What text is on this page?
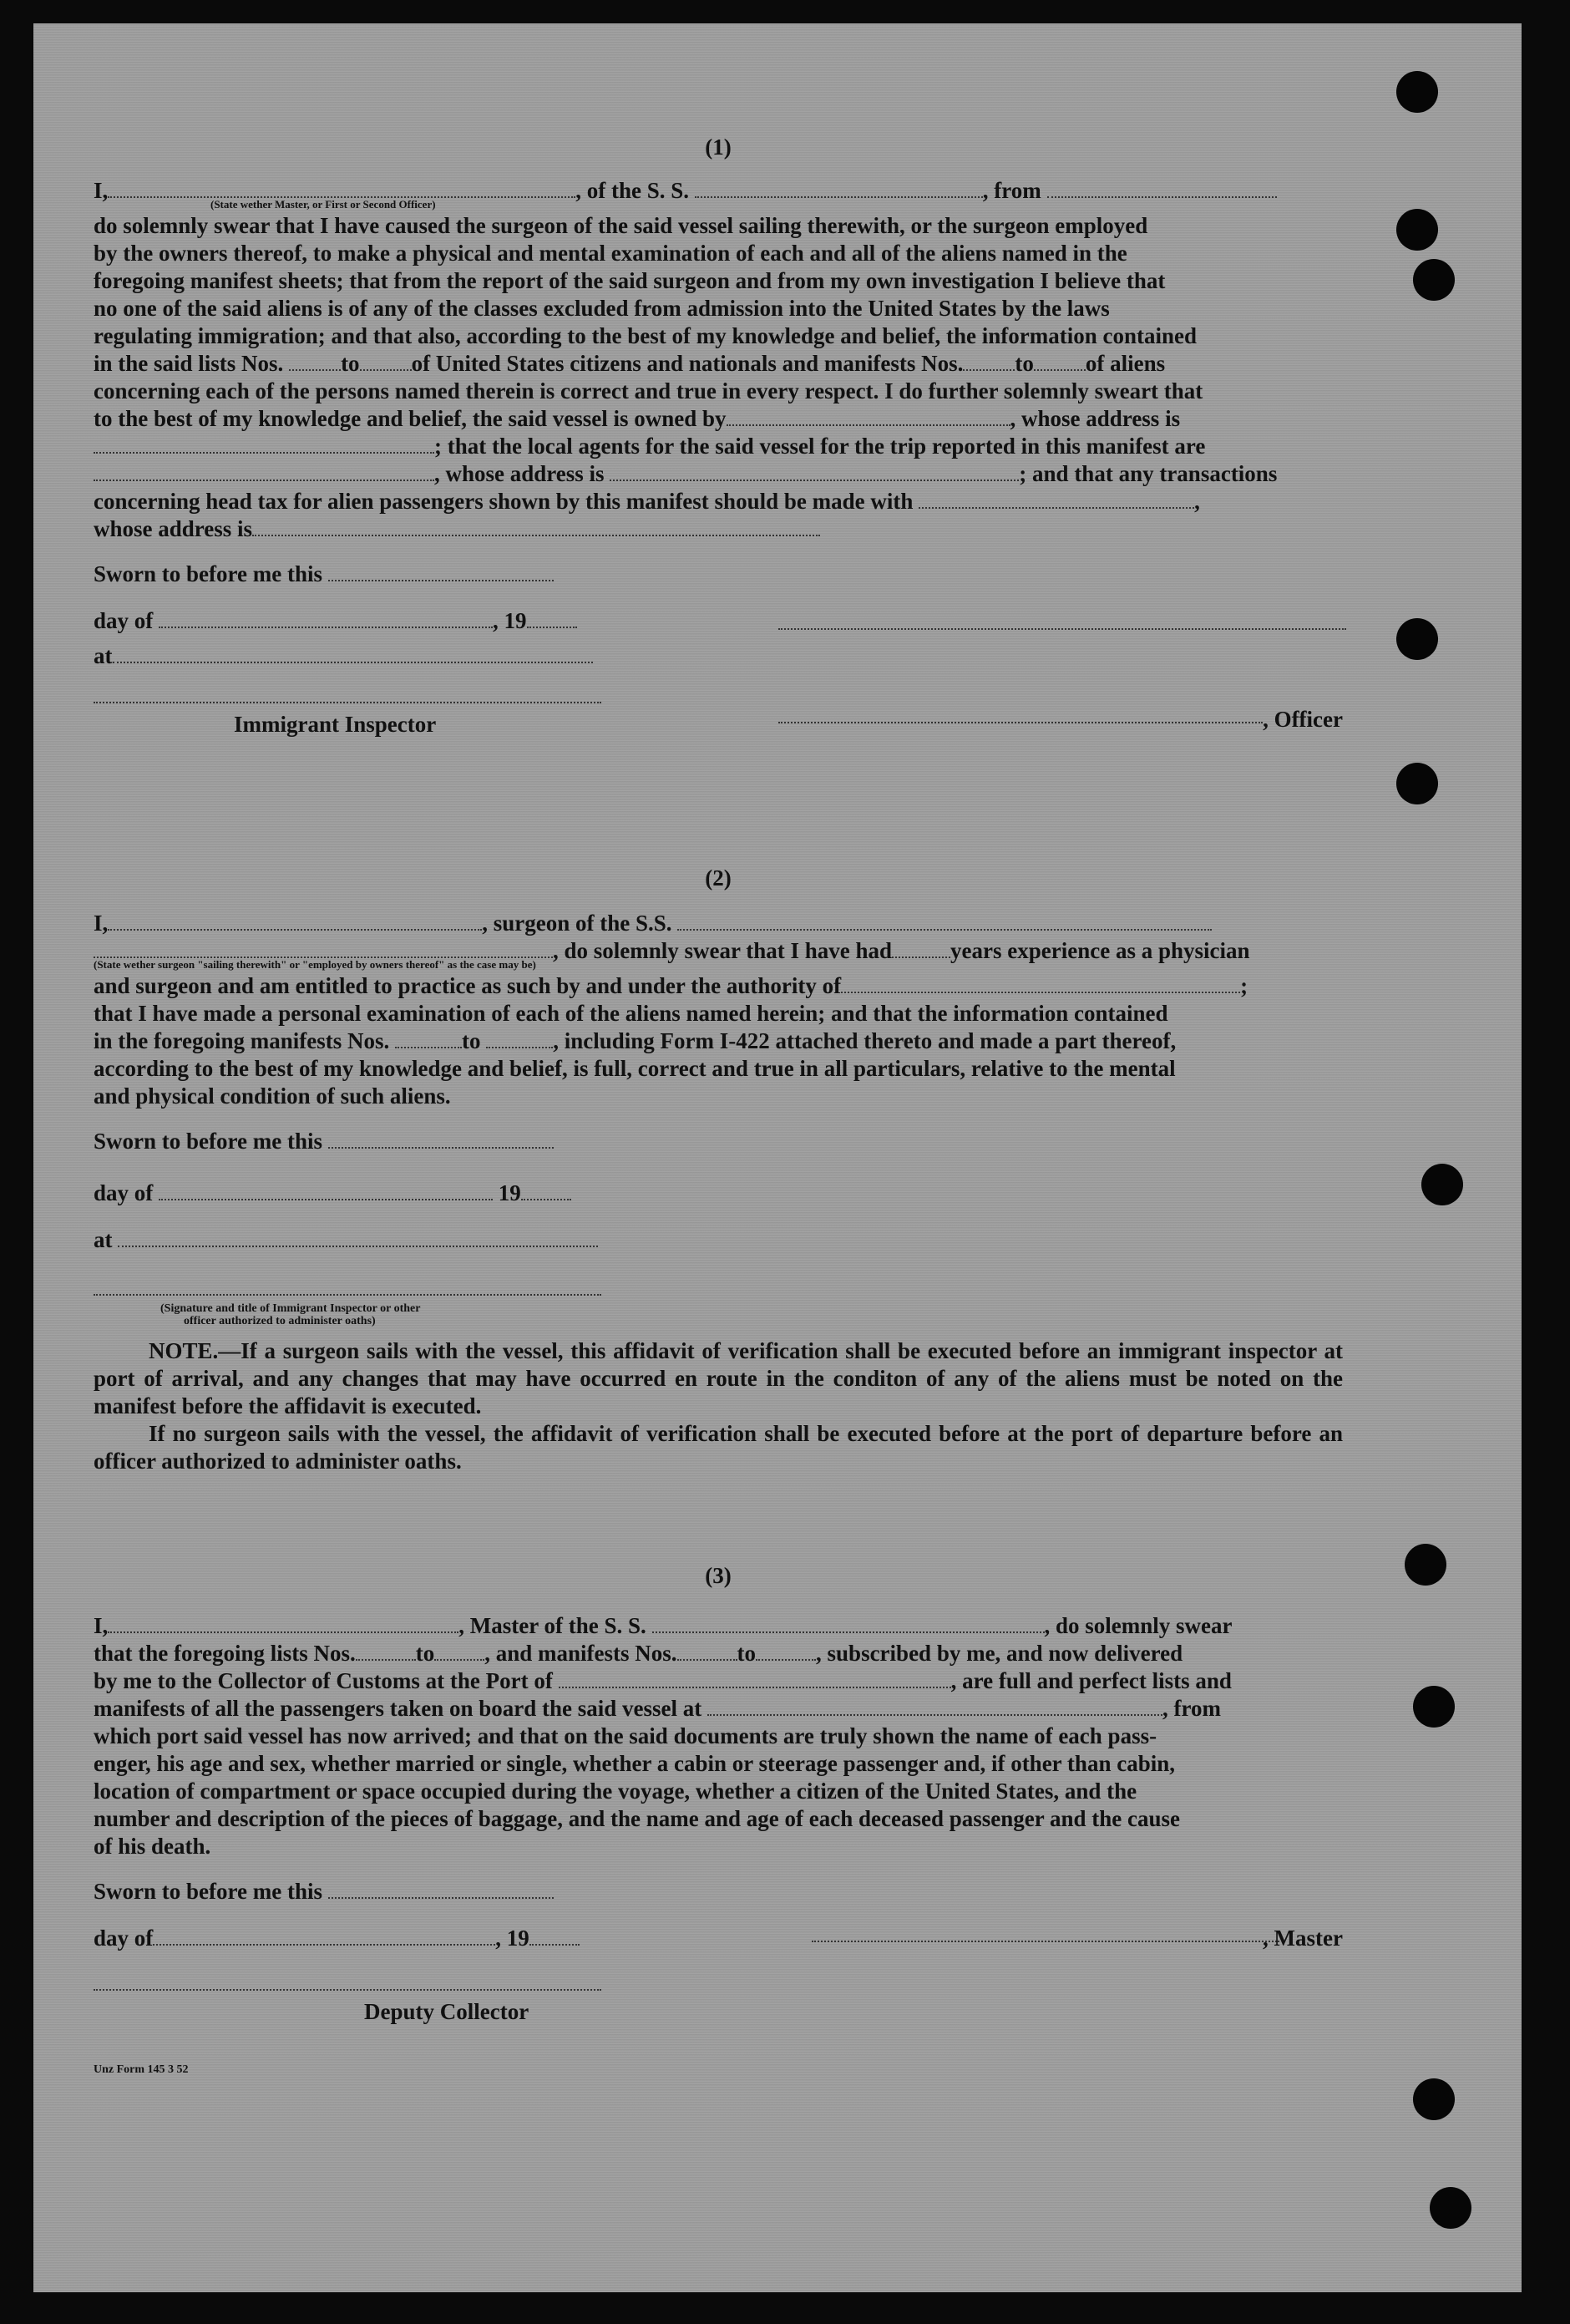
(1)
I,	, of the S. S.	, from
(State wether Master, or First or Second Officer)
do solemnly swear that I have caused the surgeon of the said vessel sailing therewith, or the surgeon employed
by the owners thereof, to make a physical and mental examination of each and all of the aliens named in the
foregoing manifest sheets; that from the report of the said surgeon and from my own investigation I believe that
no one of the said aliens is of any of the classes excluded from admission into the United States by the laws
regulating immigration; and that also, according to the best of my knowledge and belief, the information contained
in the said lists Nos.	to of United States citizens and nationals and manifests Nos. to of aliens
concerning each of the persons named therein is correct and true in every respect. I do further solemnly sweart that
to the best of my knowledge and belief, the said vessel is owned by	, whose address is
; that the local agents for the said vessel for the trip reported in this manifest are
, whose address is	; and that any transactions
concerning head tax for alien passengers shown by this manifest should be made with	,
whose address is
Sworn to before me this
day of	, 19
at
Immigrant Inspector	, Officer
(2)
I,	, surgeon of the S.S.
, do solemnly swear that I have had	years experience as a physician
(State wether surgeon "sailing therewith" or "employed by owners thereof" as the case may be)
and surgeon and am entitled to practice as such by and under the authority of	;
that I have made a personal examination of each of the aliens named herein; and that the information contained
in the foregoing manifests Nos.	to	, including Form I-422 attached thereto and made a part thereof,
according to the best of my knowledge and belief, is full, correct and true in all particulars, relative to the mental
and physical condition of such aliens.
Sworn to before me this
day of	19
at
(Signature and title of Immigrant Inspector or other
officer authorized to administer oaths)
NOTE.—If a surgeon sails with the vessel, this affidavit of verification shall be executed before an immigrant inspector at port of arrival, and any changes that may have occurred en route in the conditon of any of the aliens must be noted on the manifest before the affidavit is executed.
If no surgeon sails with the vessel, the affidavit of verification shall be executed before at the port of departure before an officer authorized to administer oaths.
(3)
I,	, Master of the S. S.	, do solemnly swear
that the foregoing lists Nos.	to , and manifests Nos.	to	, subscribed by me, and now delivered
by me to the Collector of Customs at the Port of	, are full and perfect lists and
manifests of all the passengers taken on board the said vessel at	, from
which port said vessel has now arrived; and that on the said documents are truly shown the name of each pass-
enger, his age and sex, whether married or single, whether a cabin or steerage passenger and, if other than cabin,
location of compartment or space occupied during the voyage, whether a citizen of the United States, and the
number and description of the pieces of baggage, and the name and age of each deceased passenger and the cause
of his death.
Sworn to before me this
day of	, 19	, Master
Deputy Collector
Unz Form 145 3 52
